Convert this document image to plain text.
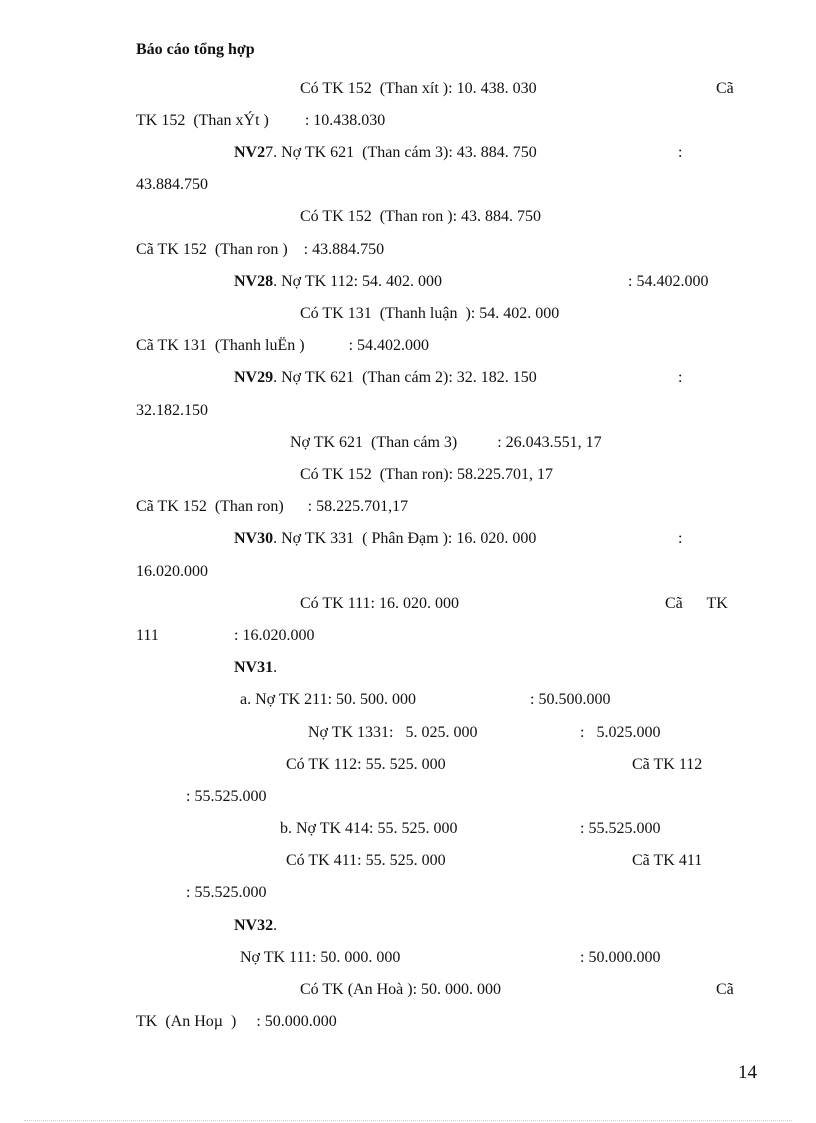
Báo cáo tổng hợp
Có TK 152  (Than xít ): 10. 438. 030	Cã
TK 152  (Than xÝt )         : 10.438.030
NV27. Nợ TK 621  (Than cám 3): 43. 884. 750	:
43.884.750
Có TK 152  (Than ron ): 43. 884. 750
Cã TK 152  (Than ron )    : 43.884.750
NV28. Nợ TK 112: 54. 402. 000	: 54.402.000
Có TK 131  (Thanh luận  ): 54. 402. 000
Cã TK 131  (Thanh luËn )           : 54.402.000
NV29. Nợ TK 621  (Than cám 2): 32. 182. 150	:
32.182.150
Nợ TK 621  (Than cám 3)          : 26.043.551, 17
Có TK 152  (Than ron): 58.225.701, 17
Cã TK 152  (Than ron)      : 58.225.701,17
NV30. Nợ TK 331  ( Phân Đạm ): 16. 020. 000	:
16.020.000
Có TK 111: 16. 020. 000	Cã      TK
111	: 16.020.000
NV31.
a. Nợ TK 211: 50. 500. 000	: 50.500.000
Nợ TK 1331:   5. 025. 000	:   5.025.000
Có TK 112: 55. 525. 000	Cã TK 112
: 55.525.000
b. Nợ TK 414: 55. 525. 000	: 55.525.000
Có TK 411: 55. 525. 000	Cã TK 411
: 55.525.000
NV32.
Nợ TK 111: 50. 000. 000	: 50.000.000
Có TK (An Hoà ): 50. 000. 000	Cã
TK  (An Hoµ  )     : 50.000.000
14
